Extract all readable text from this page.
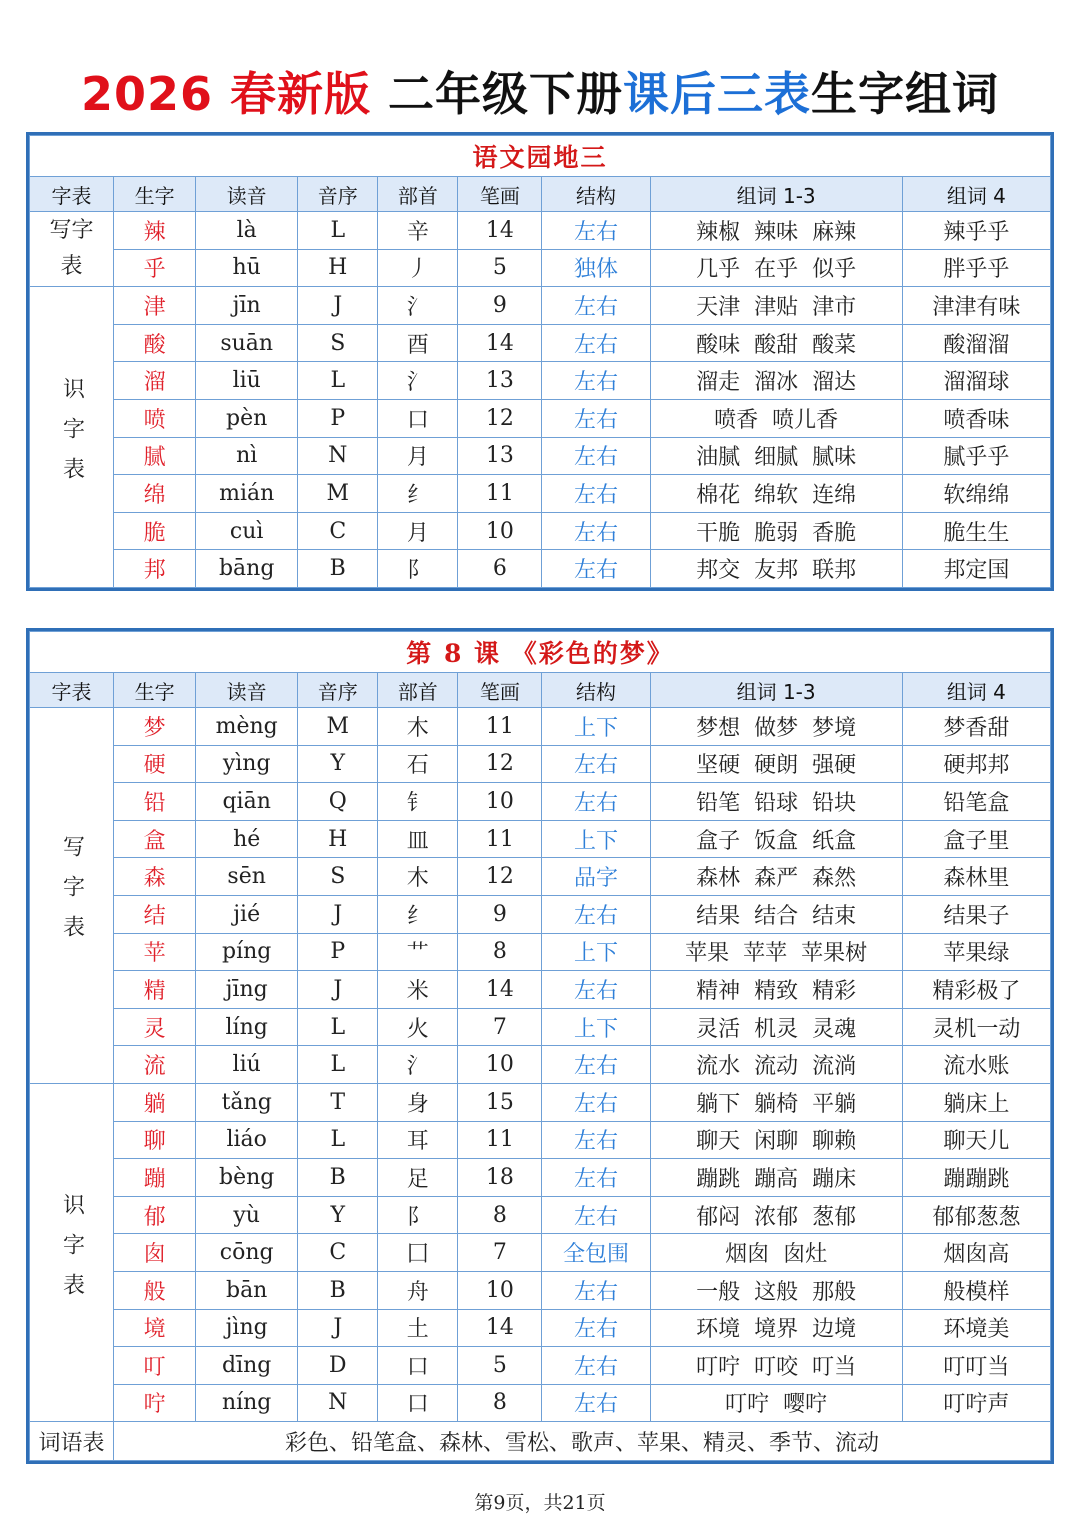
2026 春新版 二年级下册课后三表生字组词
语文园地三								
字表	生字	读音	音序	部首	笔画	结构	组词 1-3	组词 4

写字表	辣	là	L	辛	14	左右	辣椒  辣味  麻辣	辣乎乎
	乎	hū	H	丿	5	独体	几乎  在乎  似乎	胖乎乎

识字表	津	jīn	J	氵	9	左右	天津  津贴  津市	津津有味
	酸	suān	S	酉	14	左右	酸味  酸甜  酸菜	酸溜溜
	溜	liū	L	氵	13	左右	溜走  溜冰  溜达	溜溜球
	喷	pèn	P	口	12	左右	喷香  喷儿香	喷香味
	腻	nì	N	月	13	左右	油腻  细腻  腻味	腻乎乎
	绵	mián	M	纟	11	左右	棉花  绵软  连绵	软绵绵
	脆	cuì	C	月	10	左右	干脆  脆弱  香脆	脆生生
	邦	bāng	B	阝	6	左右	邦交  友邦  联邦	邦定国
第 8 课 《彩色的梦》								
字表	生字	读音	音序	部首	笔画	结构	组词 1-3	组词 4

写字表	梦	mèng	M	木	11	上下	梦想  做梦  梦境	梦香甜
	硬	yìng	Y	石	12	左右	坚硬  硬朗  强硬	硬邦邦
	铅	qiān	Q	钅	10	左右	铅笔  铅球  铅块	铅笔盒
	盒	hé	H	皿	11	上下	盒子  饭盒  纸盒	盒子里
	森	sēn	S	木	12	品字	森林  森严  森然	森林里
	结	jié	J	纟	9	左右	结果  结合  结束	结果子
	苹	píng	P	艹	8	上下	苹果  苹苹  苹果树	苹果绿
	精	jīng	J	米	14	左右	精神  精致  精彩	精彩极了
	灵	líng	L	火	7	上下	灵活  机灵  灵魂	灵机一动
	流	liú	L	氵	10	左右	流水  流动  流淌	流水账

识字表	躺	tǎng	T	身	15	左右	躺下  躺椅  平躺	躺床上
	聊	liáo	L	耳	11	左右	聊天  闲聊  聊赖	聊天儿
	蹦	bèng	B	足	18	左右	蹦跳  蹦高  蹦床	蹦蹦跳
	郁	yù	Y	阝	8	左右	郁闷  浓郁  葱郁	郁郁葱葱
	囱	cōng	C	囗	7	全包围	烟囱  囱灶	烟囱高
	般	bān	B	舟	10	左右	一般  这般  那般	般模样
	境	jìng	J	土	14	左右	环境  境界  边境	环境美
	叮	dīng	D	口	5	左右	叮咛  叮咬  叮当	叮叮当
	咛	níng	N	口	8	左右	叮咛  嘤咛	叮咛声
词语表	彩色、铅笔盒、森林、雪松、歌声、苹果、精灵、季节、流动							
第9页，共21页
